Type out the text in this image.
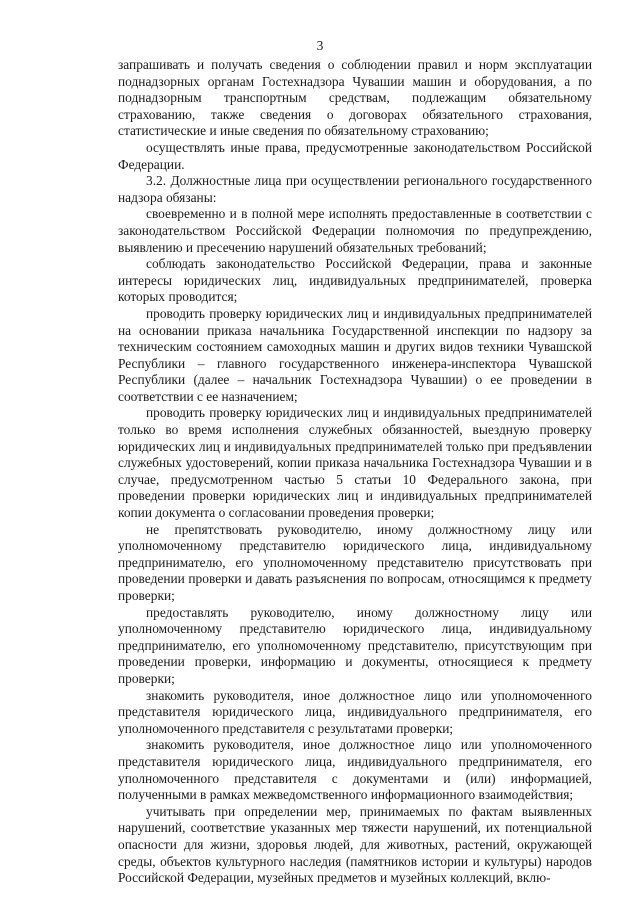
3

запрашивать и получать сведения о соблюдении правил и норм эксплуатации поднадзорных органам Гостехнадзора Чувашии машин и оборудования, а по поднадзорным транспортным средствам, подлежащим обязательному страхованию, также сведения о договорах обязательного страхования, статистические и иные сведения по обязательному страхованию;

осуществлять иные права, предусмотренные законодательством Российской Федерации.

3.2. Должностные лица при осуществлении регионального государственного надзора обязаны:

своевременно и в полной мере исполнять предоставленные в соответствии с законодательством Российской Федерации полномочия по предупреждению, выявлению и пресечению нарушений обязательных требований;

соблюдать законодательство Российской Федерации, права и законные интересы юридических лиц, индивидуальных предпринимателей, проверка которых проводится;

проводить проверку юридических лиц и индивидуальных предпринимателей на основании приказа начальника Государственной инспекции по надзору за техническим состоянием самоходных машин и других видов техники Чувашской Республики – главного государственного инженера-инспектора Чувашской Республики (далее – начальник Гостехнадзора Чувашии) о ее проведении в соответствии с ее назначением;

проводить проверку юридических лиц и индивидуальных предпринимателей только во время исполнения служебных обязанностей, выездную проверку юридических лиц и индивидуальных предпринимателей только при предъявлении служебных удостоверений, копии приказа начальника Гостехнадзора Чувашии и в случае, предусмотренном частью 5 статьи 10 Федерального закона, при проведении проверки юридических лиц и индивидуальных предпринимателей копии документа о согласовании проведения проверки;

не препятствовать руководителю, иному должностному лицу или уполномоченному представителю юридического лица, индивидуальному предпринимателю, его уполномоченному представителю присутствовать при проведении проверки и давать разъяснения по вопросам, относящимся к предмету проверки;

предоставлять руководителю, иному должностному лицу или уполномоченному представителю юридического лица, индивидуальному предпринимателю, его уполномоченному представителю, присутствующим при проведении проверки, информацию и документы, относящиеся к предмету проверки;

знакомить руководителя, иное должностное лицо или уполномоченного представителя юридического лица, индивидуального предпринимателя, его уполномоченного представителя с результатами проверки;

знакомить руководителя, иное должностное лицо или уполномоченного представителя юридического лица, индивидуального предпринимателя, его уполномоченного представителя с документами и (или) информацией, полученными в рамках межведомственного информационного взаимодействия;

учитывать при определении мер, принимаемых по фактам выявленных нарушений, соответствие указанных мер тяжести нарушений, их потенциальной опасности для жизни, здоровья людей, для животных, растений, окружающей среды, объектов культурного наследия (памятников истории и культуры) народов Российской Федерации, музейных предметов и музейных коллекций, вклю-
